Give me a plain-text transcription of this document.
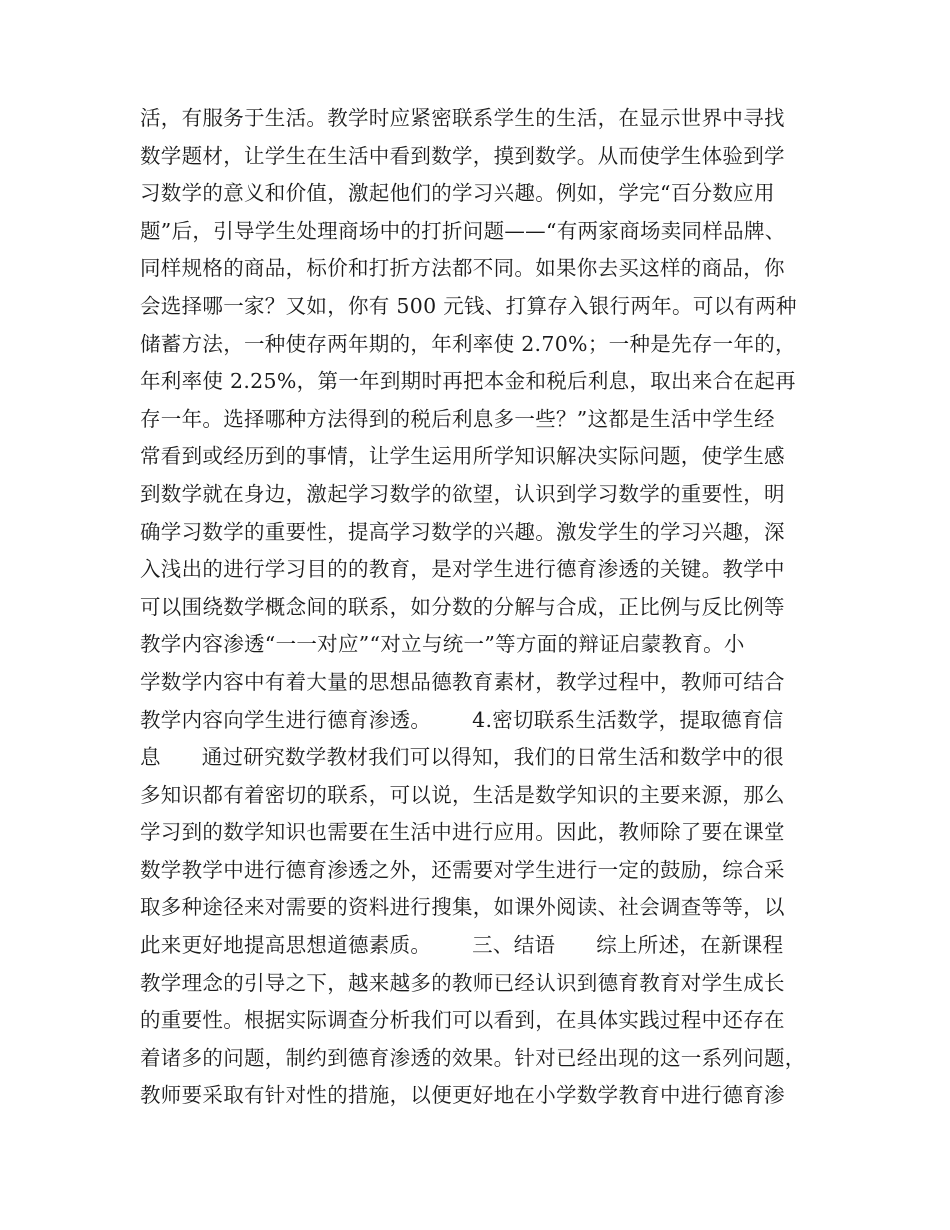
活，有服务于生活。教学时应紧密联系学生的生活，在显示世界中寻找
数学题材，让学生在生活中看到数学，摸到数学。从而使学生体验到学
习数学的意义和价值，激起他们的学习兴趣。例如，学完“百分数应用
题”后，引导学生处理商场中的打折问题——“有两家商场卖同样品牌、
同样规格的商品，标价和打折方法都不同。如果你去买这样的商品，你
会选择哪一家？又如，你有 500 元钱、打算存入银行两年。可以有两种
储蓄方法，一种使存两年期的，年利率使 2.70%；一种是先存一年的，
年利率使 2.25%，第一年到期时再把本金和税后利息，取出来合在起再
存一年。选择哪种方法得到的税后利息多一些？”这都是生活中学生经
常看到或经历到的事情，让学生运用所学知识解决实际问题，使学生感
到数学就在身边，激起学习数学的欲望，认识到学习数学的重要性，明
确学习数学的重要性，提高学习数学的兴趣。激发学生的学习兴趣，深
入浅出的进行学习目的的教育，是对学生进行德育渗透的关键。教学中
可以围绕数学概念间的联系，如分数的分解与合成，正比例与反比例等
教学内容渗透“一一对应”“对立与统一”等方面的辩证启蒙教育。小
学数学内容中有着大量的思想品德教育素材，教学过程中，教师可结合
教学内容向学生进行德育渗透。      4.密切联系生活数学，提取德育信
息      通过研究数学教材我们可以得知，我们的日常生活和数学中的很
多知识都有着密切的联系，可以说，生活是数学知识的主要来源，那么
学习到的数学知识也需要在生活中进行应用。因此，教师除了要在课堂
数学教学中进行德育渗透之外，还需要对学生进行一定的鼓励，综合采
取多种途径来对需要的资料进行搜集，如课外阅读、社会调查等等，以
此来更好地提高思想道德素质。      三、结语      综上所述，在新课程
教学理念的引导之下，越来越多的教师已经认识到德育教育对学生成长
的重要性。根据实际调查分析我们可以看到，在具体实践过程中还存在
着诸多的问题，制约到德育渗透的效果。针对已经出现的这一系列问题，
教师要采取有针对性的措施，以便更好地在小学数学教育中进行德育渗
